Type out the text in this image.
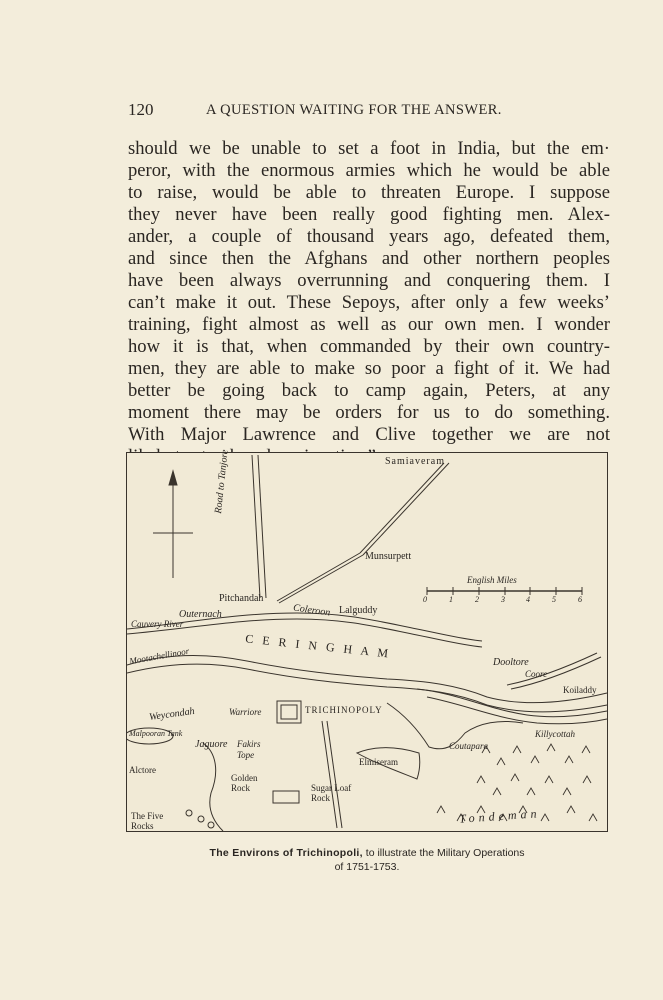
120	A QUESTION WAITING FOR THE ANSWER.
should we be unable to set a foot in India, but the em·
peror, with the enormous armies which he would be able
to raise, would be able to threaten Europe. I suppose
they never have been really good fighting men. Alex-
ander, a couple of thousand years ago, defeated them,
and since then the Afghans and other northern peoples
have been always overrunning and conquering them. I
can’t make it out. These Sepoys, after only a few weeks’
training, fight almost as well as our own men. I wonder
how it is that, when commanded by their own country-
men, they are able to make so poor a fight of it. We had
better be going back to camp again, Peters, at any
moment there may be orders for us to do something.
With Major Lawrence and Clive together we are not
Samiaveram
Road to Tanjore
Munsurpett
English Miles
0	1	2	3	4	5	6
Pitchandah
Outernach
Cauvery River
Coleroon Lalguddy
C E R I N G H A M
Mootachellinoor	Dooltore
Coore
Koiladdy
Weycondah	Warriore	TRICHINOPOLY
Malpooran Tank
Jaguore Fakirs Tope
Elmiseram
Coutapara
Killycottah
Alctore
Golden Rock	Sugar Loaf Rock
The Five Rocks
Tondeman
The Environs of Trichinopoli, to illustrate the Military Operations
of 1751-1753.
